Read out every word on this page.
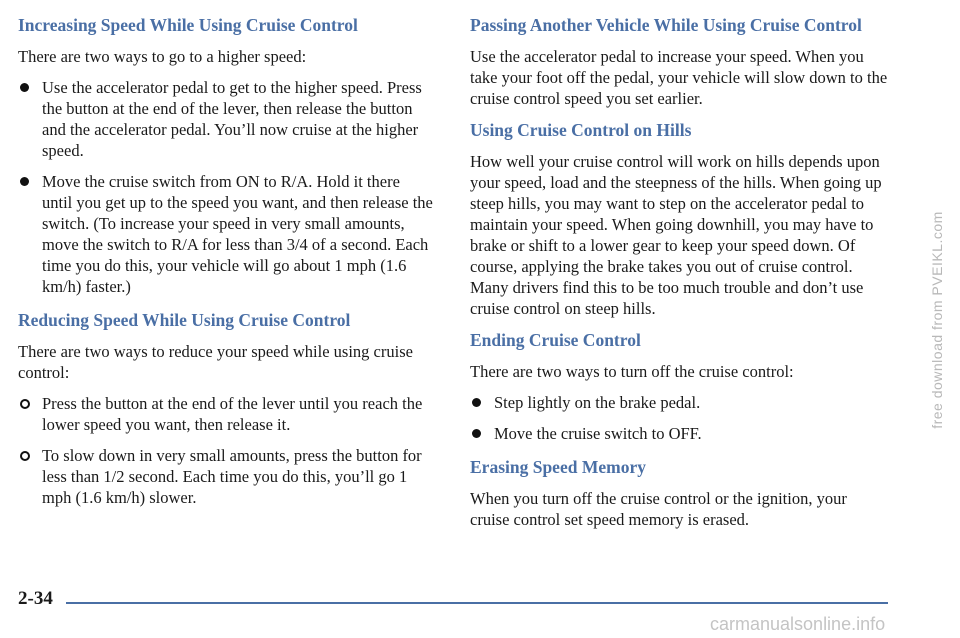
Increasing Speed While Using Cruise Control

There are two ways to go to a higher speed:

Use the accelerator pedal to get to the higher speed. Press the button at the end of the lever, then release the button and the accelerator pedal. You’ll now cruise at the higher speed.
Move the cruise switch from ON to R/A. Hold it there until you get up to the speed you want, and then release the switch. (To increase your speed in very small amounts, move the switch to R/A for less than 3/4 of a second. Each time you do this, your vehicle will go about 1 mph (1.6 km/h) faster.)
Reducing Speed While Using Cruise Control

There are two ways to reduce your speed while using cruise control:

Press the button at the end of the lever until you reach the lower speed you want, then release it.
To slow down in very small amounts, press the button for less than 1/2 second. Each time you do this, you’ll go 1 mph (1.6 km/h) slower.
Passing Another Vehicle While Using Cruise Control

Use the accelerator pedal to increase your speed. When you take your foot off the pedal, your vehicle will slow down to the cruise control speed you set earlier.

Using Cruise Control on Hills

How well your cruise control will work on hills depends upon your speed, load and the steepness of the hills. When going up steep hills, you may want to step on the accelerator pedal to maintain your speed. When going downhill, you may have to brake or shift to a lower gear to keep your speed down. Of course, applying the brake takes you out of cruise control. Many drivers find this to be too much trouble and don’t use cruise control on steep hills.

Ending Cruise Control

There are two ways to turn off the cruise control:

Step lightly on the brake pedal.
Move the cruise switch to OFF.
Erasing Speed Memory

When you turn off the cruise control or the ignition, your cruise control set speed memory is erased.

2-34
free download from PVEIKL.com
carmanualsonline.info
